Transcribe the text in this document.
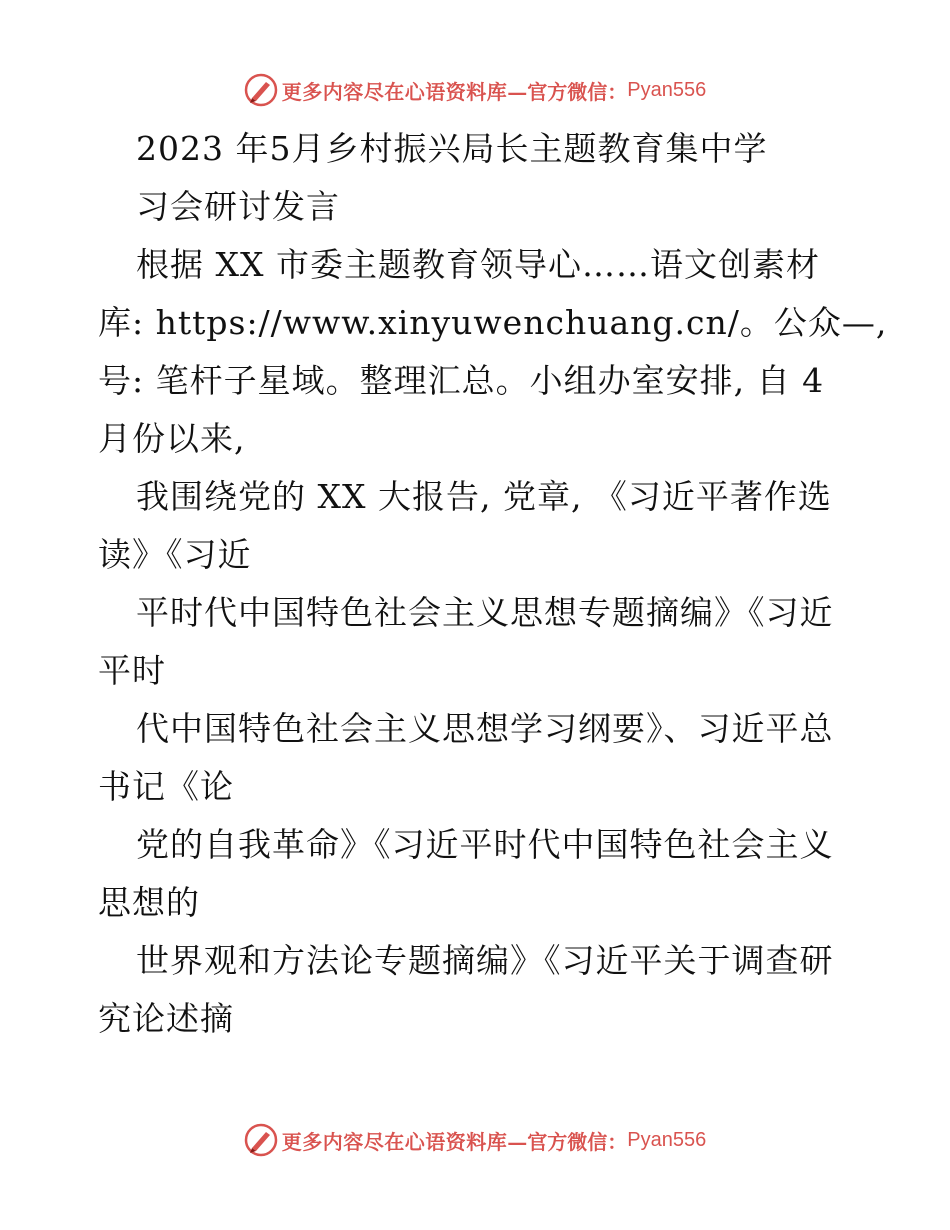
更多内容尽在心语资料库 —官方微信： Pyan556
2023 年5月乡村振兴局长主题教育集中学
习会研讨发言
根据 XX 市委主题教育领导心……语文创素材
库: https://www.xinyuwenchuang.cn/。公众—,
号: 笔杆子星域。整理汇总。小组办室安排, 自 4
月份以来,
我围绕党的 XX 大报告, 党章, 《习近平著作选
读》《习近
平时代中国特色社会主义思想专题摘编》《习近
平时
代中国特色社会主义思想学习纲要》、习近平总
书记《论
党的自我革命》《习近平时代中国特色社会主义
思想的
世界观和方法论专题摘编》《习近平关于调查研
究论述摘
更多内容尽在心语资料库 —官方微信： Pyan556
